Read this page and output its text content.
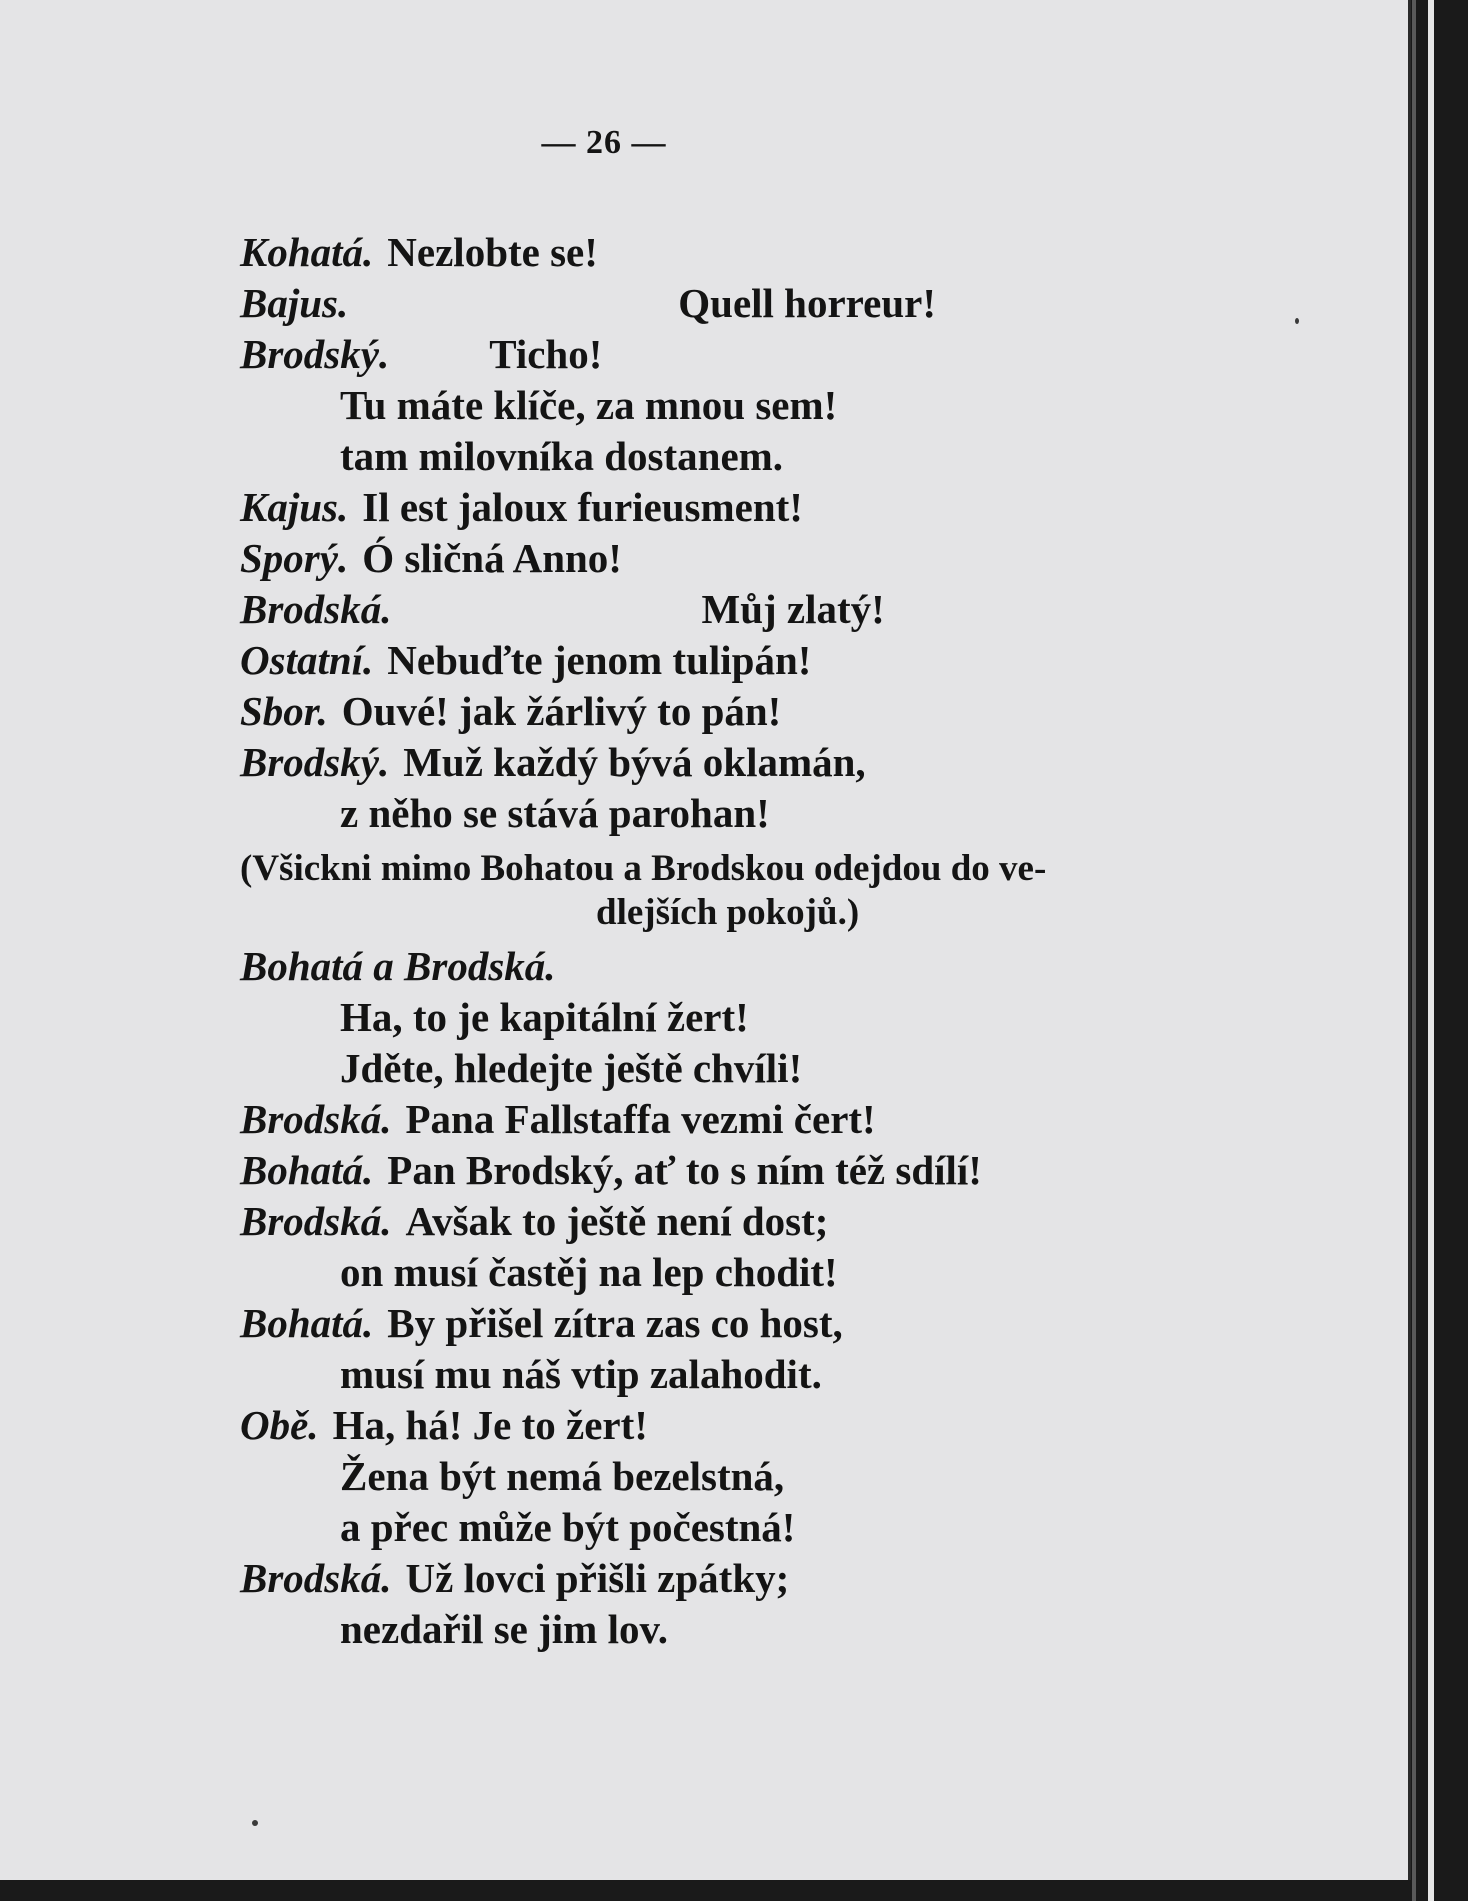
— 26 —
Kohatá. Nezlobte se!
Bajus.	Quell horreur!
Brodský. Ticho!
Tu máte klíče, za mnou sem!
tam milovníka dostanem.
Kajus. Il est jaloux furieusment!
Sporý. Ó sličná Anno!
Brodská.	Můj zlatý!
Ostatní. Nebuďte jenom tulipán!
Sbor. Ouvé! jak žárlivý to pán!
Brodský. Muž každý bývá oklamán,
z něho se stává parohan!
(Všickni mimo Bohatou a Brodskou odejdou do ve-
dlejších pokojů.)
Bohatá a Brodská.
Ha, to je kapitální žert!
Jděte, hledejte ještě chvíli!
Brodská. Pana Fallstaffa vezmi čert!
Bohatá. Pan Brodský, ať to s ním též sdílí!
Brodská. Avšak to ještě není dost;
on musí častěj na lep chodit!
Bohatá. By přišel zítra zas co host,
musí mu náš vtip zalahodit.
Obě. Ha, há! Je to žert!
Žena být nemá bezelstná,
a přec může být počestná!
Brodská. Už lovci přišli zpátky;
nezdařil se jim lov.
